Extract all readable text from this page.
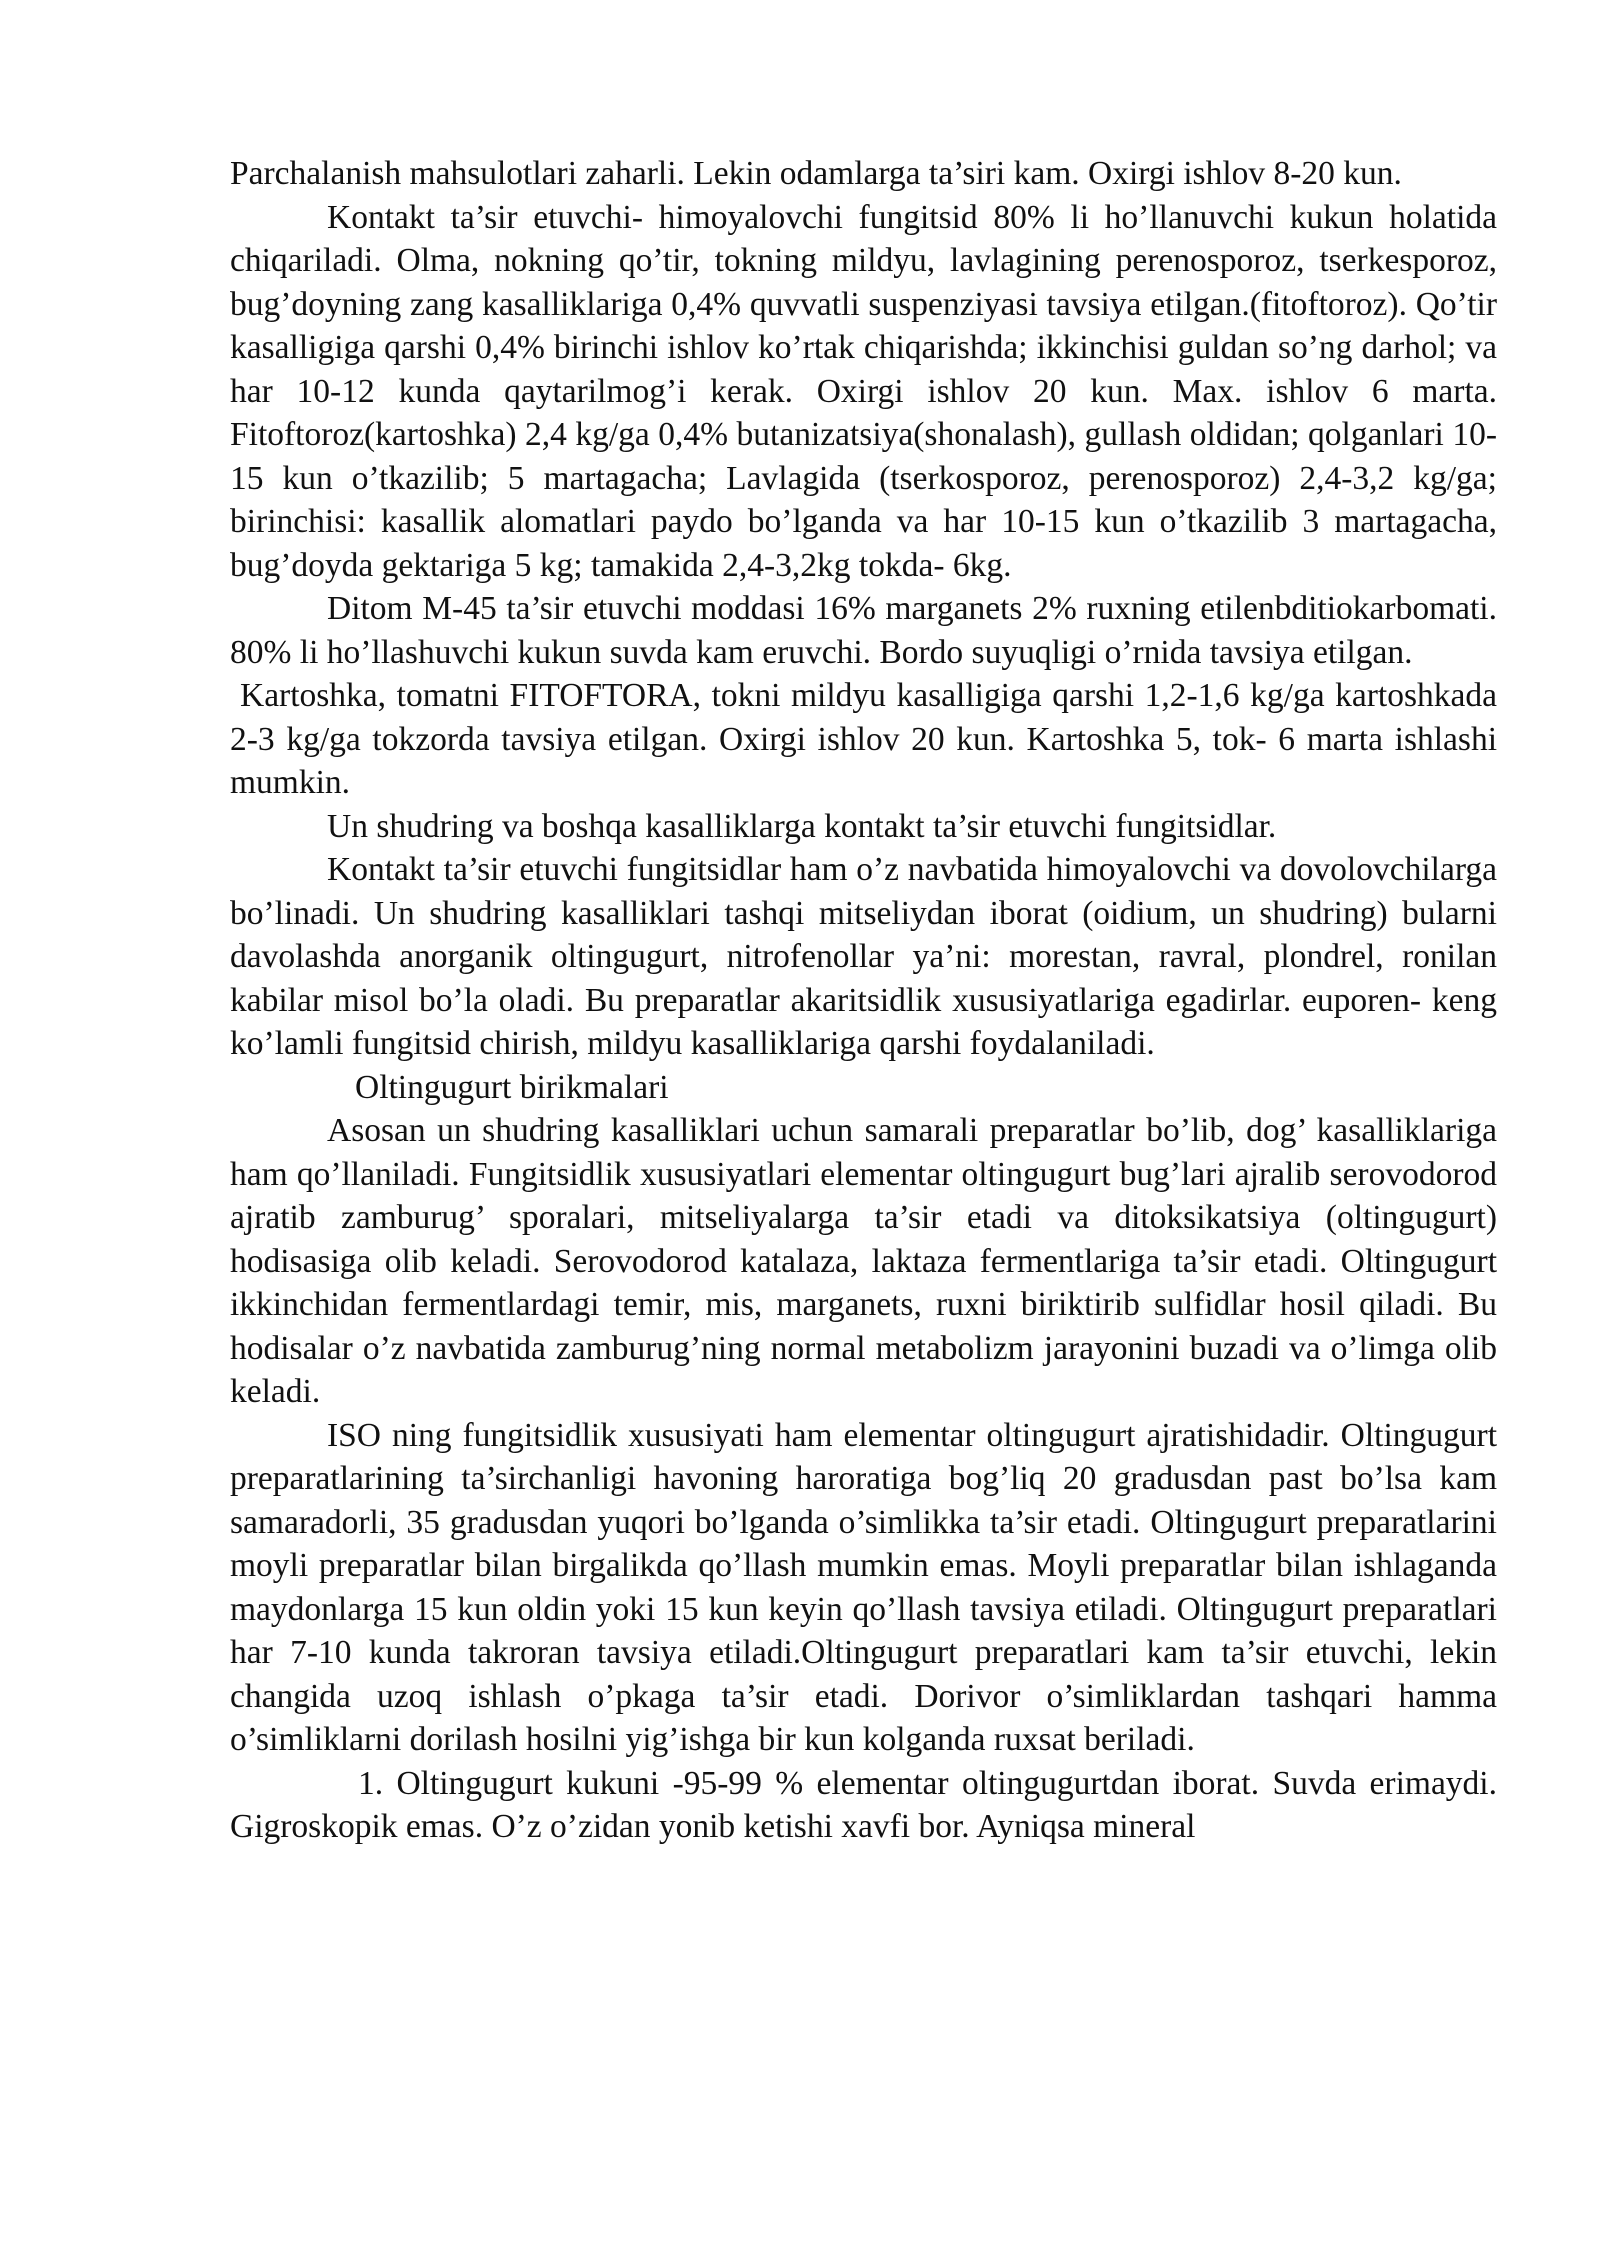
Parchalanish mahsulotlari zaharli. Lekin odamlarga ta’siri kam. Oxirgi ishlov 8-20 kun.

Kontakt ta’sir etuvchi- himoyalovchi fungitsid 80% li ho’llanuvchi kukun holatida chiqariladi. Olma, nokning qo’tir, tokning mildyu, lavlagining perenosporoz, tserkesporoz, bug’doyning zang kasalliklariga 0,4% quvvatli suspenziyasi tavsiya etilgan.(fitoftoroz). Qo’tir kasalligiga qarshi 0,4% birinchi ishlov ko’rtak chiqarishda; ikkinchisi guldan so’ng darhol; va har 10-12 kunda qaytarilmog’i kerak. Oxirgi ishlov 20 kun. Max. ishlov 6 marta. Fitoftoroz(kartoshka) 2,4 kg/ga 0,4% butanizatsiya(shonalash), gullash oldidan; qolganlari 10-15 kun o’tkazilib; 5 martagacha; Lavlagida (tserkosporoz, perenosporoz) 2,4-3,2 kg/ga; birinchisi: kasallik alomatlari paydo bo’lganda va har 10-15 kun o’tkazilib 3 martagacha, bug’doyda gektariga 5 kg; tamakida 2,4-3,2kg tokda- 6kg.

Ditom M-45 ta’sir etuvchi moddasi 16% marganets 2% ruxning etilenbditiokarbomati. 80% li ho’llashuvchi kukun suvda kam eruvchi. Bordo suyuqligi o’rnida tavsiya etilgan.

Kartoshka, tomatni FITOFTORA, tokni mildyu kasalligiga qarshi 1,2-1,6 kg/ga kartoshkada 2-3 kg/ga tokzorda tavsiya etilgan. Oxirgi ishlov 20 kun. Kartoshka 5, tok- 6 marta ishlashi mumkin.

Un shudring va boshqa kasalliklarga kontakt ta’sir etuvchi fungitsidlar.

Kontakt ta’sir etuvchi fungitsidlar ham o’z navbatida himoyalovchi va dovolovchilarga bo’linadi. Un shudring kasalliklari tashqi mitseliydan iborat (oidium, un shudring) bularni davolashda anorganik oltingugurt, nitrofenollar ya’ni: morestan, ravral, plondrel, ronilan kabilar misol bo’la oladi. Bu preparatlar akaritsidlik xususiyatlariga egadirlar. euporen- keng ko’lamli fungitsid chirish, mildyu kasalliklariga qarshi foydalaniladi.

Oltingugurt birikmalari

Asosan un shudring kasalliklari uchun samarali preparatlar bo’lib, dog’ kasalliklariga ham qo’llaniladi. Fungitsidlik xususiyatlari elementar oltingugurt bug’lari ajralib serovodorod ajratib zamburug’ sporalari, mitseliyalarga ta’sir etadi va ditoksikatsiya (oltingugurt) hodisasiga olib keladi. Serovodorod katalaza, laktaza fermentlariga ta’sir etadi. Oltingugurt ikkinchidan fermentlardagi temir, mis, marganets, ruxni biriktirib sulfidlar hosil qiladi. Bu hodisalar o’z navbatida zamburug’ning normal metabolizm jarayonini buzadi va o’limga olib keladi.

ISO ning fungitsidlik xususiyati ham elementar oltingugurt ajratishidadir. Oltingugurt preparatlarining ta’sirchanligi havoning haroratiga bog’liq 20 gradusdan past bo’lsa kam samaradorli, 35 gradusdan yuqori bo’lganda o’simlikka ta’sir etadi. Oltingugurt preparatlarini moyli preparatlar bilan birgalikda qo’llash mumkin emas. Moyli preparatlar bilan ishlaganda maydonlarga 15 kun oldin yoki 15 kun keyin qo’llash tavsiya etiladi. Oltingugurt preparatlari har 7-10 kunda takroran tavsiya etiladi.Oltingugurt preparatlari kam ta’sir etuvchi, lekin changida uzoq ishlash o’pkaga ta’sir etadi. Dorivor o’simliklardan tashqari hamma o’simliklarni dorilash hosilni yig’ishga bir kun kolganda ruxsat beriladi.

1. Oltingugurt kukuni -95-99 % elementar oltingugurtdan iborat. Suvda erimaydi. Gigroskopik emas. O’z o’zidan yonib ketishi xavfi bor. Ayniqsa mineral
